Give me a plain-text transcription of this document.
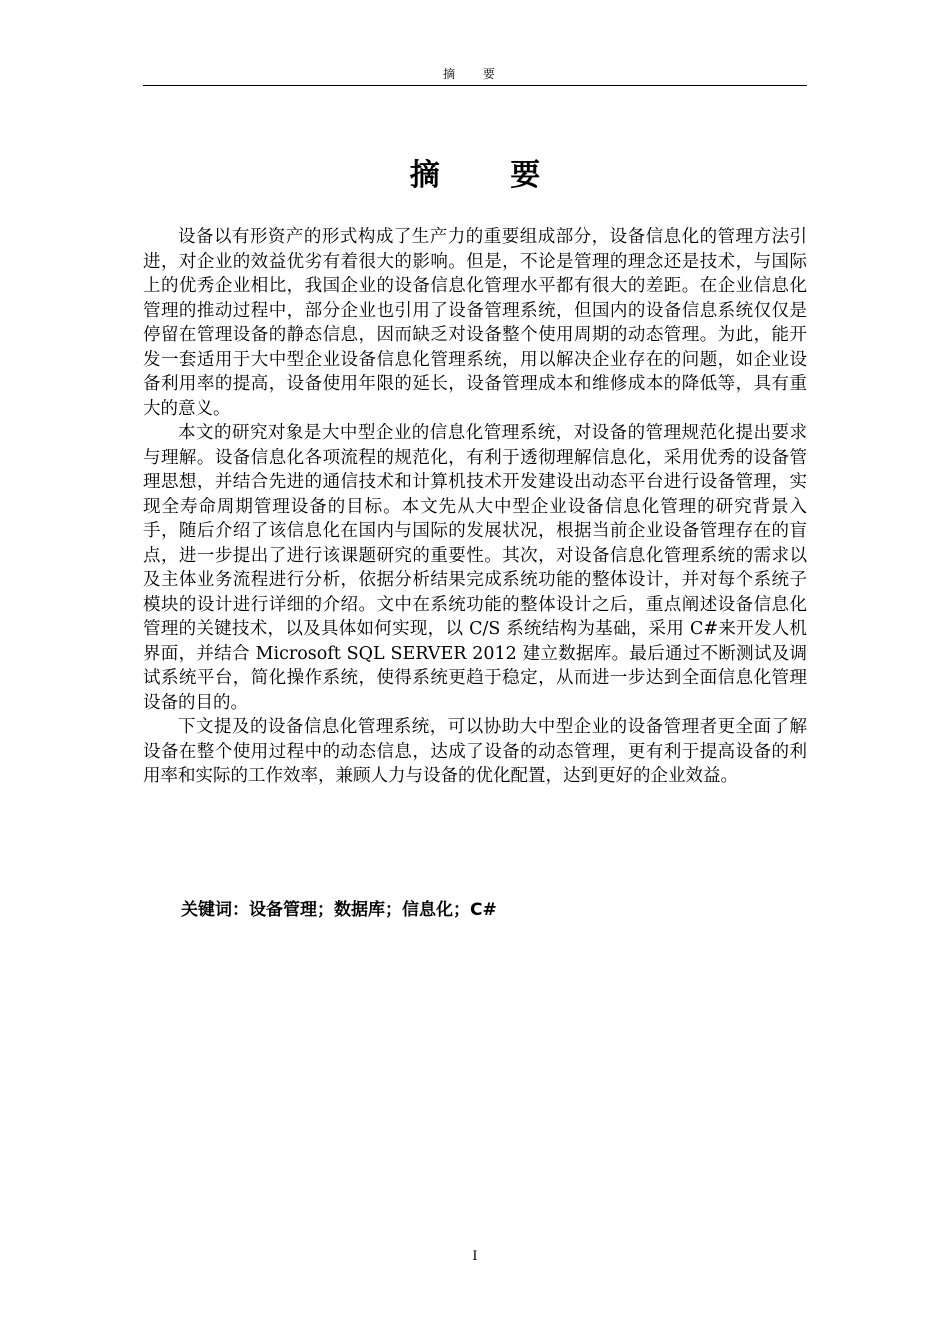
摘 要
摘 要

设备以有形资产的形式构成了生产力的重要组成部分，设备信息化的管理方法引进，对企业的效益优劣有着很大的影响。但是，不论是管理的理念还是技术，与国际上的优秀企业相比，我国企业的设备信息化管理水平都有很大的差距。在企业信息化管理的推动过程中，部分企业也引用了设备管理系统，但国内的设备信息系统仅仅是停留在管理设备的静态信息，因而缺乏对设备整个使用周期的动态管理。为此，能开发一套适用于大中型企业设备信息化管理系统，用以解决企业存在的问题，如企业设备利用率的提高，设备使用年限的延长，设备管理成本和维修成本的降低等，具有重大的意义。

本文的研究对象是大中型企业的信息化管理系统，对设备的管理规范化提出要求与理解。设备信息化各项流程的规范化，有利于透彻理解信息化，采用优秀的设备管理思想，并结合先进的通信技术和计算机技术开发建设出动态平台进行设备管理，实现全寿命周期管理设备的目标。本文先从大中型企业设备信息化管理的研究背景入手，随后介绍了该信息化在国内与国际的发展状况，根据当前企业设备管理存在的盲点，进一步提出了进行该课题研究的重要性。其次，对设备信息化管理系统的需求以及主体业务流程进行分析，依据分析结果完成系统功能的整体设计，并对每个系统子模块的设计进行详细的介绍。文中在系统功能的整体设计之后，重点阐述设备信息化管理的关键技术，以及具体如何实现，以 C/S 系统结构为基础，采用 C#来开发人机界面，并结合 Microsoft SQL SERVER 2012 建立数据库。最后通过不断测试及调试系统平台，简化操作系统，使得系统更趋于稳定，从而进一步达到全面信息化管理设备的目的。

下文提及的设备信息化管理系统，可以协助大中型企业的设备管理者更全面了解设备在整个使用过程中的动态信息，达成了设备的动态管理，更有利于提高设备的利用率和实际的工作效率，兼顾人力与设备的优化配置，达到更好的企业效益。

关键词：设备管理；数据库；信息化；C#
I
